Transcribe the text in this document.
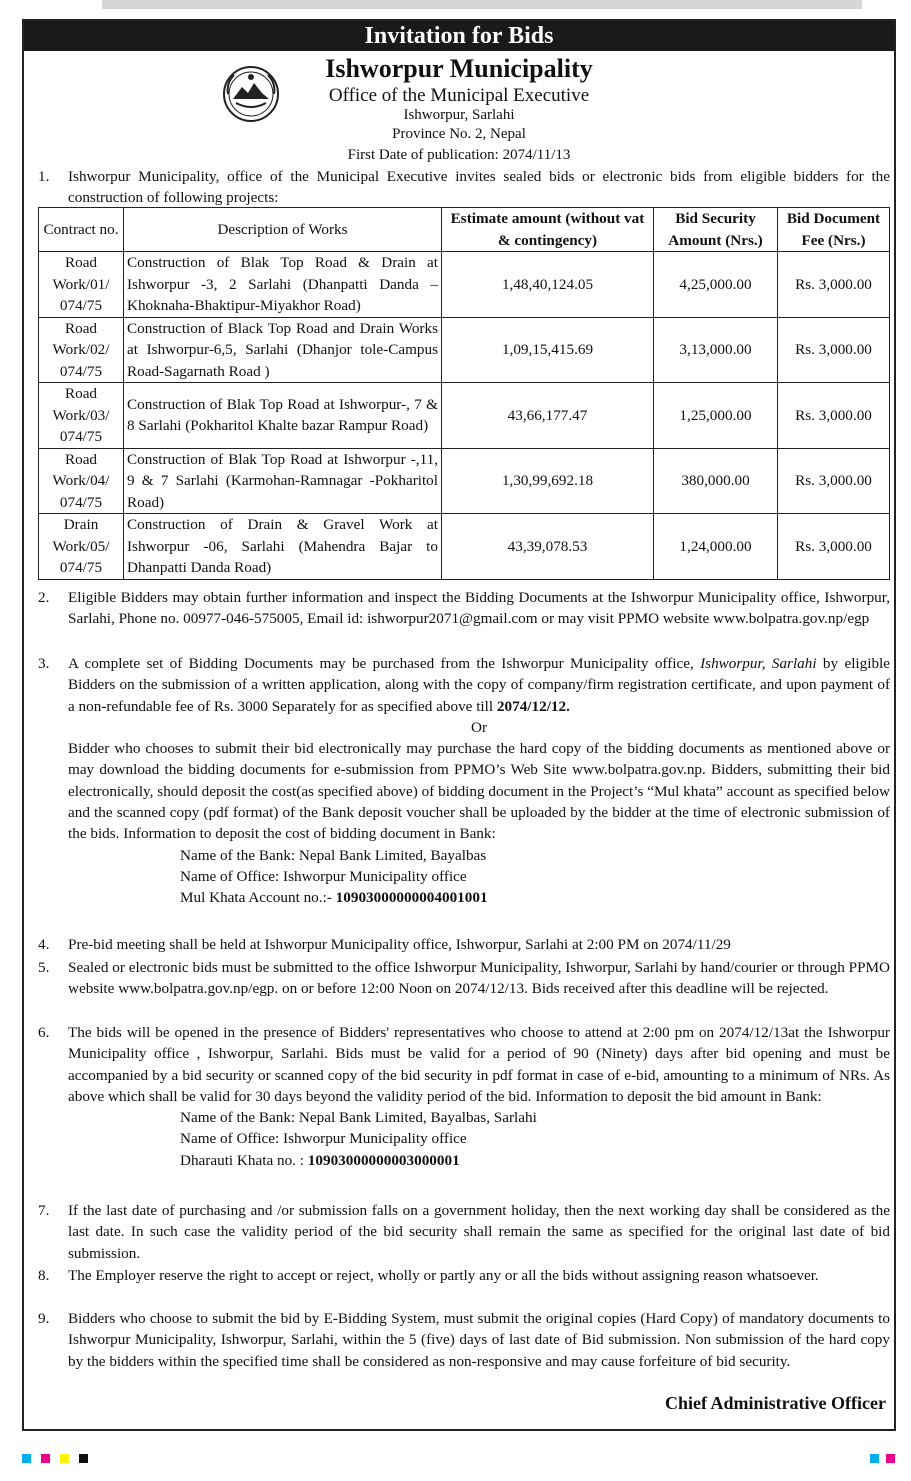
Invitation for Bids
Ishworpur Municipality
Office of the Municipal Executive
Ishworpur, Sarlahi
Province No. 2, Nepal
First Date of publication: 2074/11/13
1. Ishworpur Municipality, office of the Municipal Executive invites sealed bids or electronic bids from eligible bidders for the construction of following projects:
Contract no.	Description of Works	Estimate amount (without vat & contingency)	Bid Security Amount (Nrs.)	Bid Document Fee (Nrs.)
Road Work/01/ 074/75	Construction of Blak Top Road & Drain at Ishworpur -3, 2 Sarlahi (Dhanpatti Danda – Khoknaha-Bhaktipur-Miyakhor Road)	1,48,40,124.05	4,25,000.00	Rs. 3,000.00
Road Work/02/ 074/75	Construction of Black Top Road and Drain Works at Ishworpur-6,5, Sarlahi (Dhanjor tole-Campus Road-Sagarnath Road )	1,09,15,415.69	3,13,000.00	Rs. 3,000.00
Road Work/03/ 074/75	Construction of Blak Top Road at Ishworpur-, 7 & 8 Sarlahi (Pokharitol Khalte bazar Rampur Road)	43,66,177.47	1,25,000.00	Rs. 3,000.00
Road Work/04/ 074/75	Construction of Blak Top Road at Ishworpur -,11, 9 & 7 Sarlahi (Karmohan-Ramnagar -Pokharitol Road)	1,30,99,692.18	380,000.00	Rs. 3,000.00
Drain Work/05/ 074/75	Construction of Drain & Gravel Work at Ishworpur -06, Sarlahi (Mahendra Bajar to Dhanpatti Danda Road)	43,39,078.53	1,24,000.00	Rs. 3,000.00
2. Eligible Bidders may obtain further information and inspect the Bidding Documents at the Ishworpur Municipality office, Ishworpur, Sarlahi, Phone no. 00977-046-575005, Email id: ishworpur2071@gmail.com or may visit PPMO website www.bolpatra.gov.np/egp
3. A complete set of Bidding Documents may be purchased from the Ishworpur Municipality office, Ishworpur, Sarlahi by eligible Bidders on the submission of a written application, along with the copy of company/firm registration certificate, and upon payment of a non-refundable fee of Rs. 3000 Separately for as specified above till 2074/12/12.
Or
Bidder who chooses to submit their bid electronically may purchase the hard copy of the bidding documents as mentioned above or may download the bidding documents for e-submission from PPMO’s Web Site www.bolpatra.gov.np. Bidders, submitting their bid electronically, should deposit the cost(as specified above) of bidding document in the Project’s “Mul khata” account as specified below and the scanned copy (pdf format) of the Bank deposit voucher shall be uploaded by the bidder at the time of electronic submission of the bids. Information to deposit the cost of bidding document in Bank:
Name of the Bank: Nepal Bank Limited, Bayalbas
Name of Office: Ishworpur Municipality office
Mul Khata Account no.:- 10903000000004001001
4. Pre-bid meeting shall be held at Ishworpur Municipality office, Ishworpur, Sarlahi at 2:00 PM on 2074/11/29
5. Sealed or electronic bids must be submitted to the office Ishworpur Municipality, Ishworpur, Sarlahi by hand/courier or through PPMO website www.bolpatra.gov.np/egp. on or before 12:00 Noon on 2074/12/13. Bids received after this deadline will be rejected.
6. The bids will be opened in the presence of Bidders' representatives who choose to attend at 2:00 pm on 2074/12/13at the Ishworpur Municipality office , Ishworpur, Sarlahi. Bids must be valid for a period of 90 (Ninety) days after bid opening and must be accompanied by a bid security or scanned copy of the bid security in pdf format in case of e-bid, amounting to a minimum of NRs. As above which shall be valid for 30 days beyond the validity period of the bid. Information to deposit the bid amount in Bank:
Name of the Bank: Nepal Bank Limited, Bayalbas, Sarlahi
Name of Office: Ishworpur Municipality office
Dharauti Khata no. : 10903000000003000001
7. If the last date of purchasing and /or submission falls on a government holiday, then the next working day shall be considered as the last date. In such case the validity period of the bid security shall remain the same as specified for the original last date of bid submission.
8. The Employer reserve the right to accept or reject, wholly or partly any or all the bids without assigning reason whatsoever.
9. Bidders who choose to submit the bid by E-Bidding System, must submit the original copies (Hard Copy) of mandatory documents to Ishworpur Municipality, Ishworpur, Sarlahi, within the 5 (five) days of last date of Bid submission. Non submission of the hard copy by the bidders within the specified time shall be considered as non-responsive and may cause forfeiture of bid security.
Chief Administrative Officer
